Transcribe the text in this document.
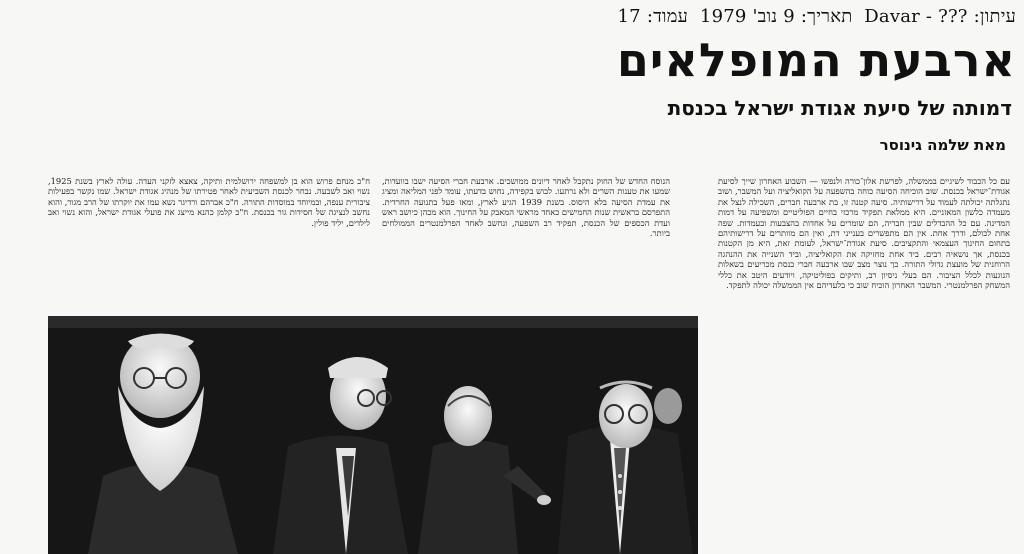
עיתון:??? - Davar תאריך:9 נוב' 1979 עמוד:17
ארבעת המופלאים
דמותה של סיעת אגודת ישראל בכנסת
מאת שלמה גינוסר

עם כל הכבוד לשיגיים בממשלה, לפרשת אלון־כורה ולנפשו — השבוע האחרון שייך לסיעת אגודת־ישראל בכנסת. שוב הוכיחה הסיעה כוחה בהשפעה על הקואליציה ועל המשבר, ושוב נתגלתה יכולתה לעמוד על דרישותיה. סיעה קטנה זו, בת ארבעה חברים, השכילה לנצל את מעמדה כלשון המאזניים. היא ממלאת תפקיד מרכזי בחיים הפוליטיים ומשפיעה על דמות המדינה. עם כל ההבדלים שבין חבריה, הם שומרים על אחדות בהצבעות ובעמדות. שפה אחת לכולם, ודרך אחת. אין הם מתפשרים בענייני דת, ואין הם מוותרים על דרישותיהם בתחום החינוך העצמאי והתקציבים. סיעת אגודת־ישראל, לעומת זאת, היא מן הקטנות בכנסת, אך נושאיה רבים. ביד אחת מחזיקה את הקואליציה, וביד השנייה את ההנהגה הרוחנית של מועצת גדולי התורה. כך נוצר מצב שבו ארבעה חברי כנסת מכריעים בשאלות הנוגעות לכלל הציבור. הם בעלי ניסיון רב, ותיקים בפוליטיקה, ויודעים היטב את כללי המשחק הפרלמנטרי. המשבר האחרון הוכיח שוב כי בלעדיהם אין הממשלה יכולה לתפקד.

הנוסח החדש של החוק נתקבל לאחר דיונים ממושכים. ארבעת חברי הסיעה ישבו בוועדות, שמעו את טענות השרים ולא נרתעו. לבוש בקפידה, נחוש בדעתו, עומד לפני המליאה ומציג את עמדת הסיעה בלא היסוס. בשנת 1939 הגיע לארץ, ומאז פעל בתנועה החרדית. התפרסם בראשית שנות החמישים כאחד מראשי המאבק על החינוך. הוא מכהן כיושב ראש ועדת הכספים של הכנסת, תפקיד רב השפעה, ונחשב לאחד הפרלמנטרים הממולחים ביותר.

ח"כ מנחם פרוש הוא בן למשפחה ירושלמית ותיקה, צאצא לזקני העדה. עולה לארץ בשנת 1925, נשוי ואב לשבעה. נבחר לכנסת השביעית לאחר פטירתו של מנהיג אגודת ישראל. שמו נקשר בפעילות ציבורית ענפה, ובמיוחד במוסדות התורה. ח"כ אברהם ורדיגר נשא עמו את יוקרתו של הרב מגור, והוא נחשב לנציגה של חסידות גור בכנסת. ח"כ קלמן כהנא מייצג את פועלי אגודת ישראל, והוא נשוי ואב לילדים, יליד פולין.
